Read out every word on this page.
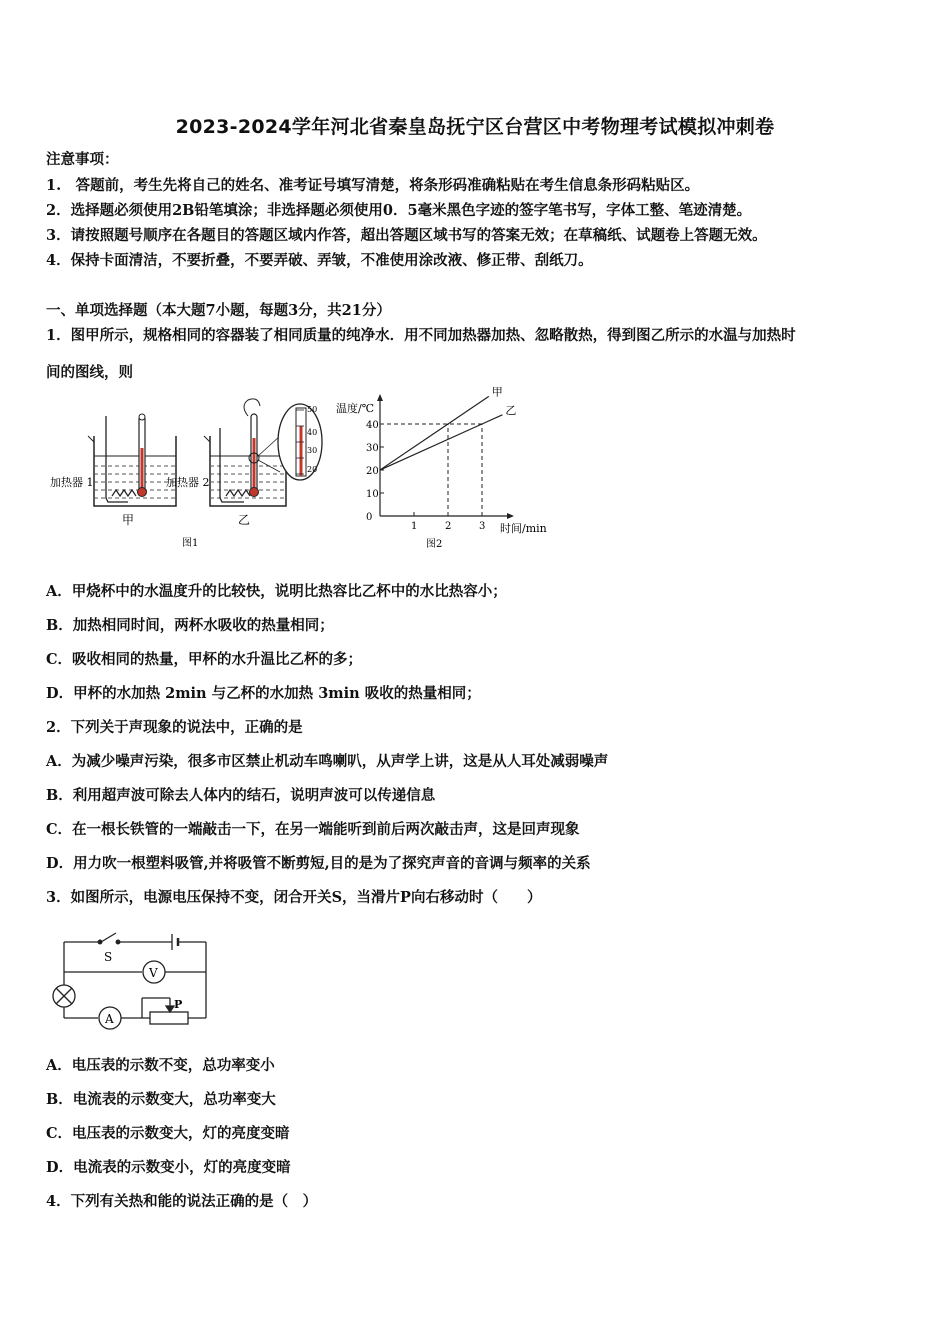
2023-2024学年河北省秦皇岛抚宁区台营区中考物理考试模拟冲刺卷
注意事项：
1.　答题前，考生先将自己的姓名、准考证号填写清楚，将条形码准确粘贴在考生信息条形码粘贴区。
2．选择题必须使用2B铅笔填涂；非选择题必须使用0．5毫米黑色字迹的签字笔书写，字体工整、笔迹清楚。
3．请按照题号顺序在各题目的答题区域内作答，超出答题区域书写的答案无效；在草稿纸、试题卷上答题无效。
4．保持卡面清洁，不要折叠，不要弄破、弄皱，不准使用涂改液、修正带、刮纸刀。
一、单项选择题（本大题7小题，每题3分，共21分）
1．图甲所示，规格相同的容器装了相同质量的纯净水．用不同加热器加热、忽略散热，得到图乙所示的水温与加热时
间的图线，则
加热器 1
甲
加热器 2
乙
50
40
30
20
图1
温度/℃
时间/min
图2
0
10
20
30
40
1	2	3
甲
乙
A．甲烧杯中的水温度升的比较快，说明比热容比乙杯中的水比热容小；
B．加热相同时间，两杯水吸收的热量相同；
C．吸收相同的热量，甲杯的水升温比乙杯的多；
D．甲杯的水加热 2min 与乙杯的水加热 3min 吸收的热量相同；
2．下列关于声现象的说法中，正确的是
A．为减少噪声污染，很多市区禁止机动车鸣喇叭，从声学上讲，这是从人耳处减弱噪声
B．利用超声波可除去人体内的结石，说明声波可以传递信息
C．在一根长铁管的一端敲击一下，在另一端能听到前后两次敲击声，这是回声现象
D．用力吹一根塑料吸管,并将吸管不断剪短,目的是为了探究声音的音调与频率的关系
3．如图所示，电源电压保持不变，闭合开关S，当滑片P向右移动时（　　）
S
V
A
P
A．电压表的示数不变，总功率变小
B．电流表的示数变大，总功率变大
C．电压表的示数变大，灯的亮度变暗
D．电流表的示数变小，灯的亮度变暗
4．下列有关热和能的说法正确的是（　）
